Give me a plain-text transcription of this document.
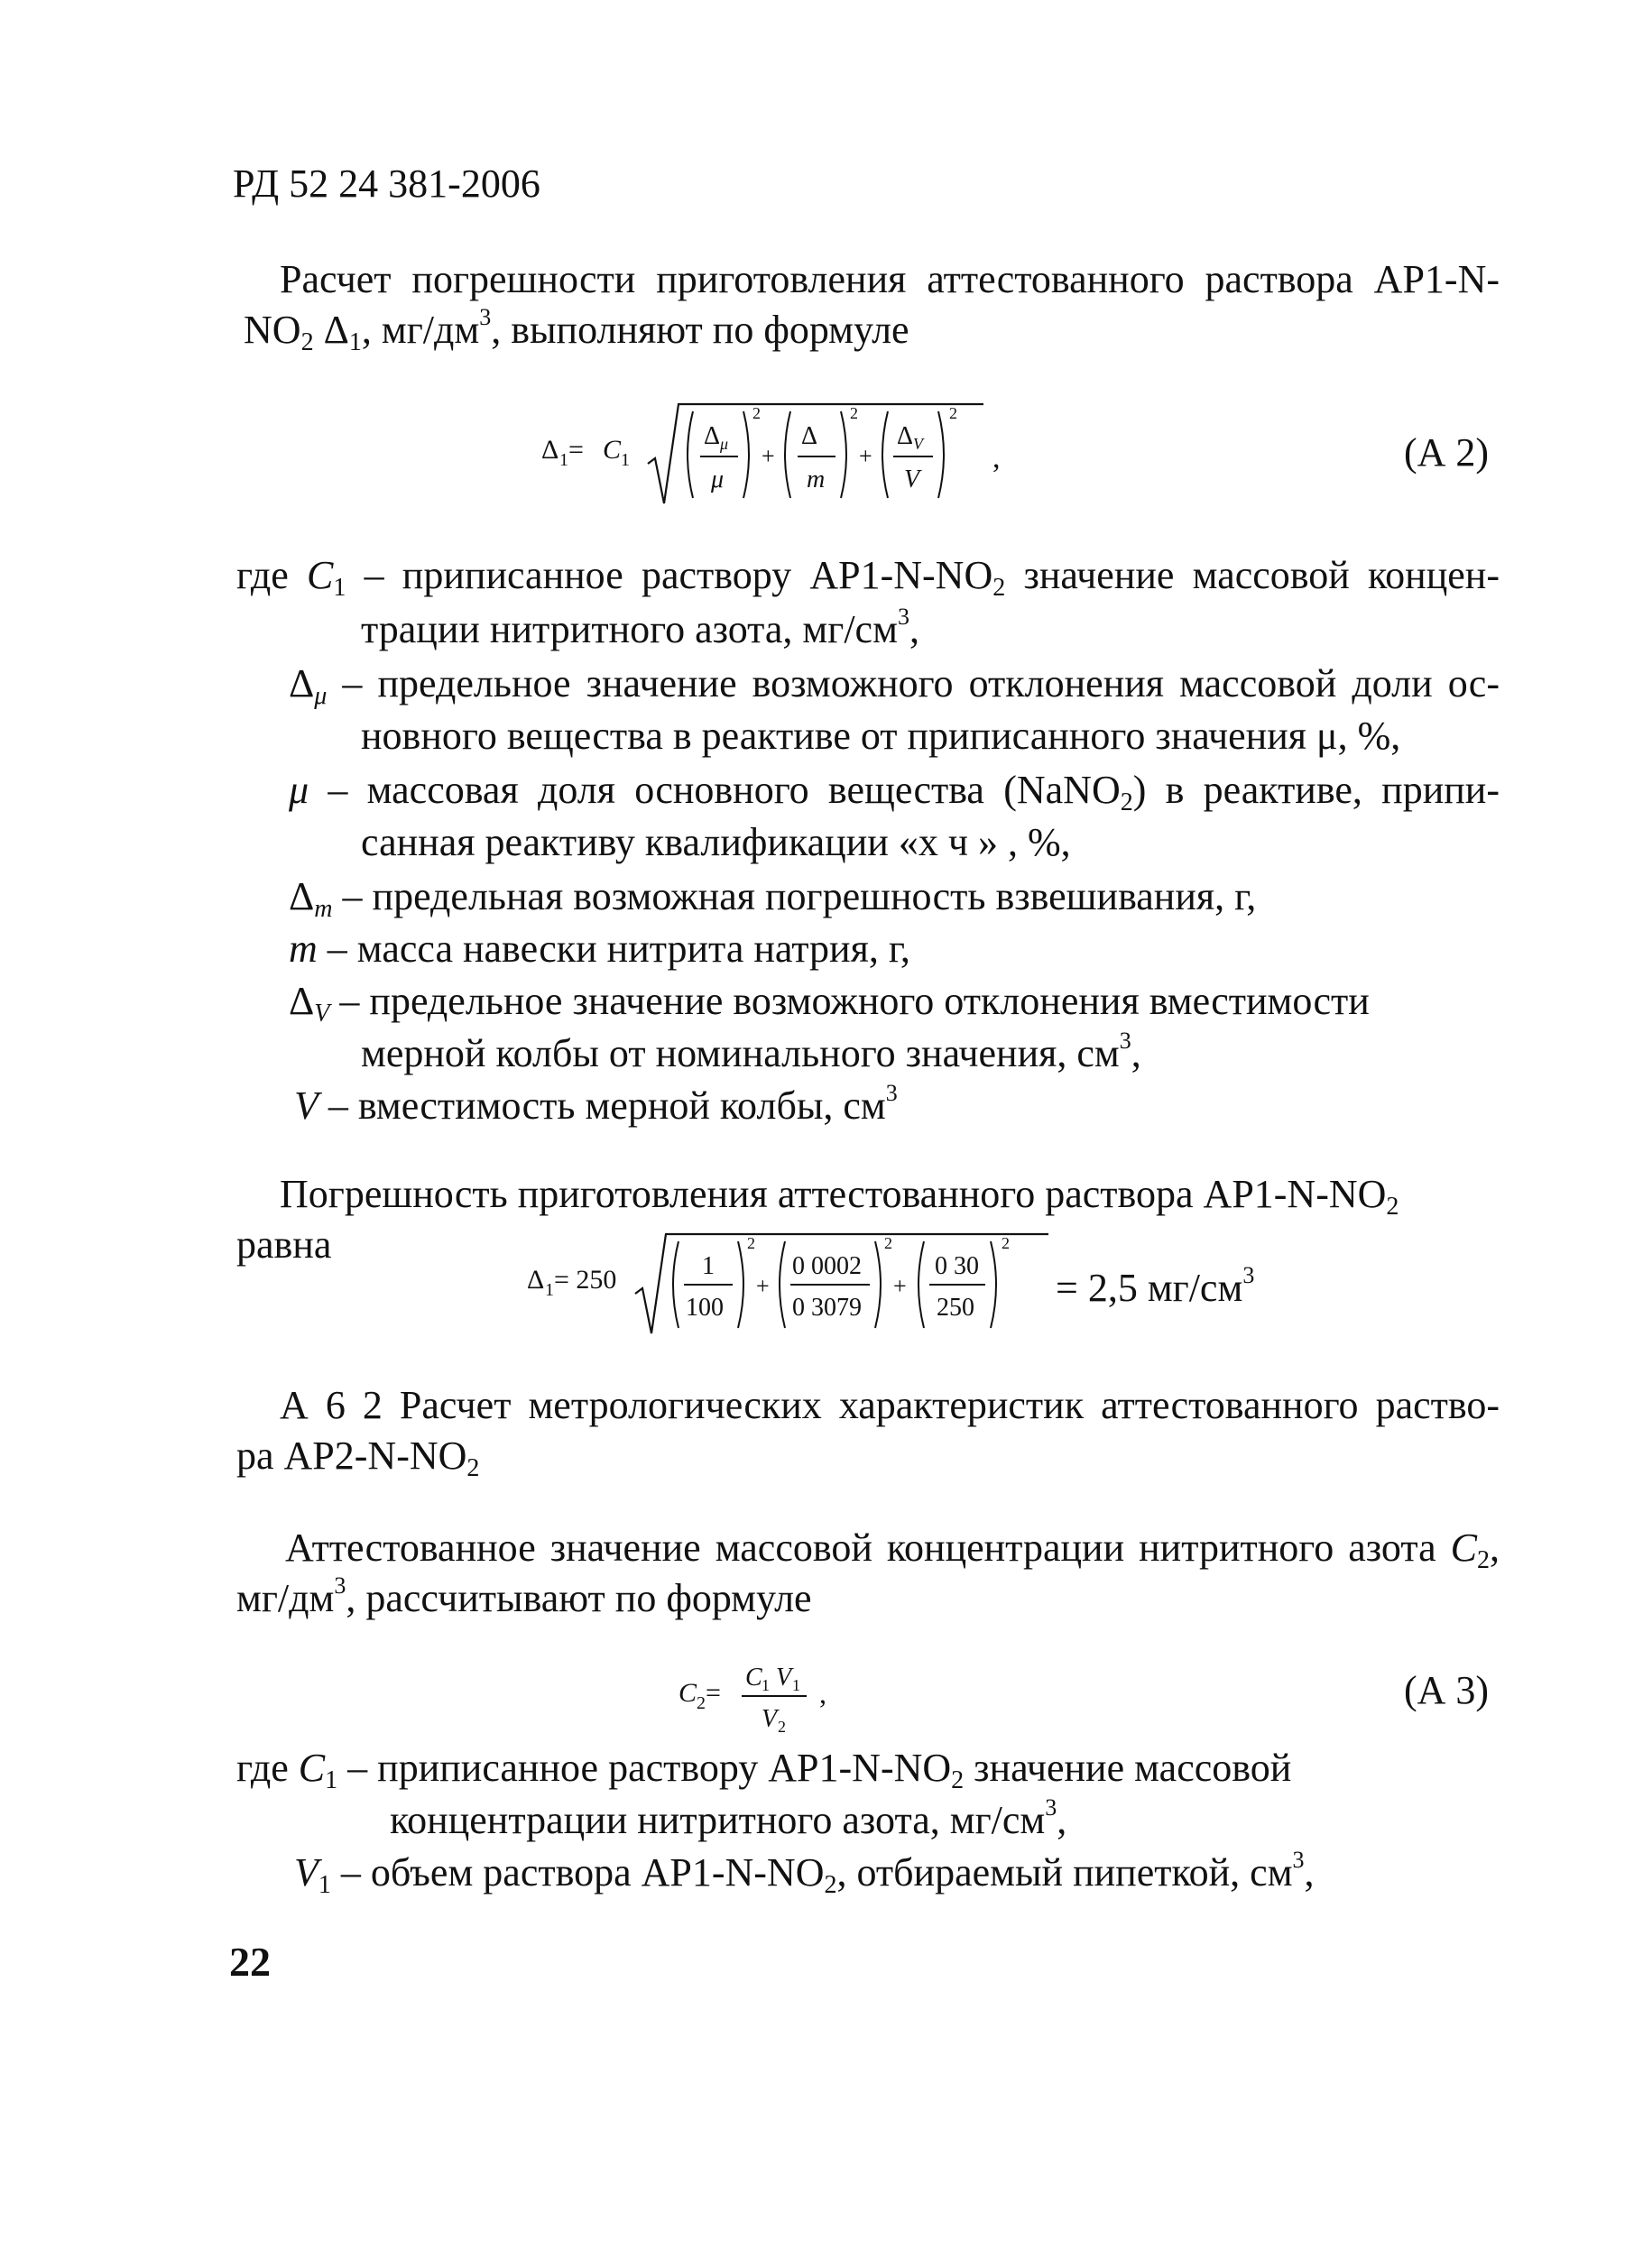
РД 52 24 381-2006
Расчет погрешности приготовления аттестованного раствора АР1-N-
$NO_2$ $\Delta_1$, $мг/дм^3$, выполняют по формуле
Δ 1 = C 1
Δ μ
μ
2
+
Δ
m
2
+
Δ V
V
2
,	(А 2)
где $C_1$ – приписанное раствору $АР1-N-NO_2$ значение массовой концен-
трации нитритного азота, $мг/см^3$,
$\Delta_\mu$ – предельное значение возможного отклонения массовой доли ос-
новного вещества в реактиве от приписанного значения μ, %,
μ – массовая доля основного вещества (NaNO$_2$) в реактиве, припи-
санная реактиву квалификации «х ч » , %,
$\Delta_m$ – предельная возможная погрешность взвешивания, г,
m – масса навески нитрита натрия, г,
$\Delta_V$ – предельное значение возможного отклонения вместимости
мерной колбы от номинального значения, $см^3$,
V – вместимость мерной колбы, $см^3$
Погрешность приготовления аттестованного раствора $АР1-N-NO_2$
равна
Δ 1 = 250	1
100
2
+
0 0002
0 3079
2
+
0 30
250
2
= 2,5 $мг/см^3$
А 6 2 Расчет метрологических характеристик аттестованного раство-
ра $АР2-N-NO_2$
Аттестованное значение массовой концентрации нитритного азота $C_2$,
$мг/дм^3$, рассчитывают по формуле
C 2 =
C 1 V 1
V 2
,	(А 3)
где $C_1$ – приписанное раствору $АР1-N-NO_2$ значение массовой
концентрации нитритного азота, $мг/см^3$,
$V_1$ – объем раствора $АР1-N-NO_2$, отбираемый пипеткой, $см^3$,
22
